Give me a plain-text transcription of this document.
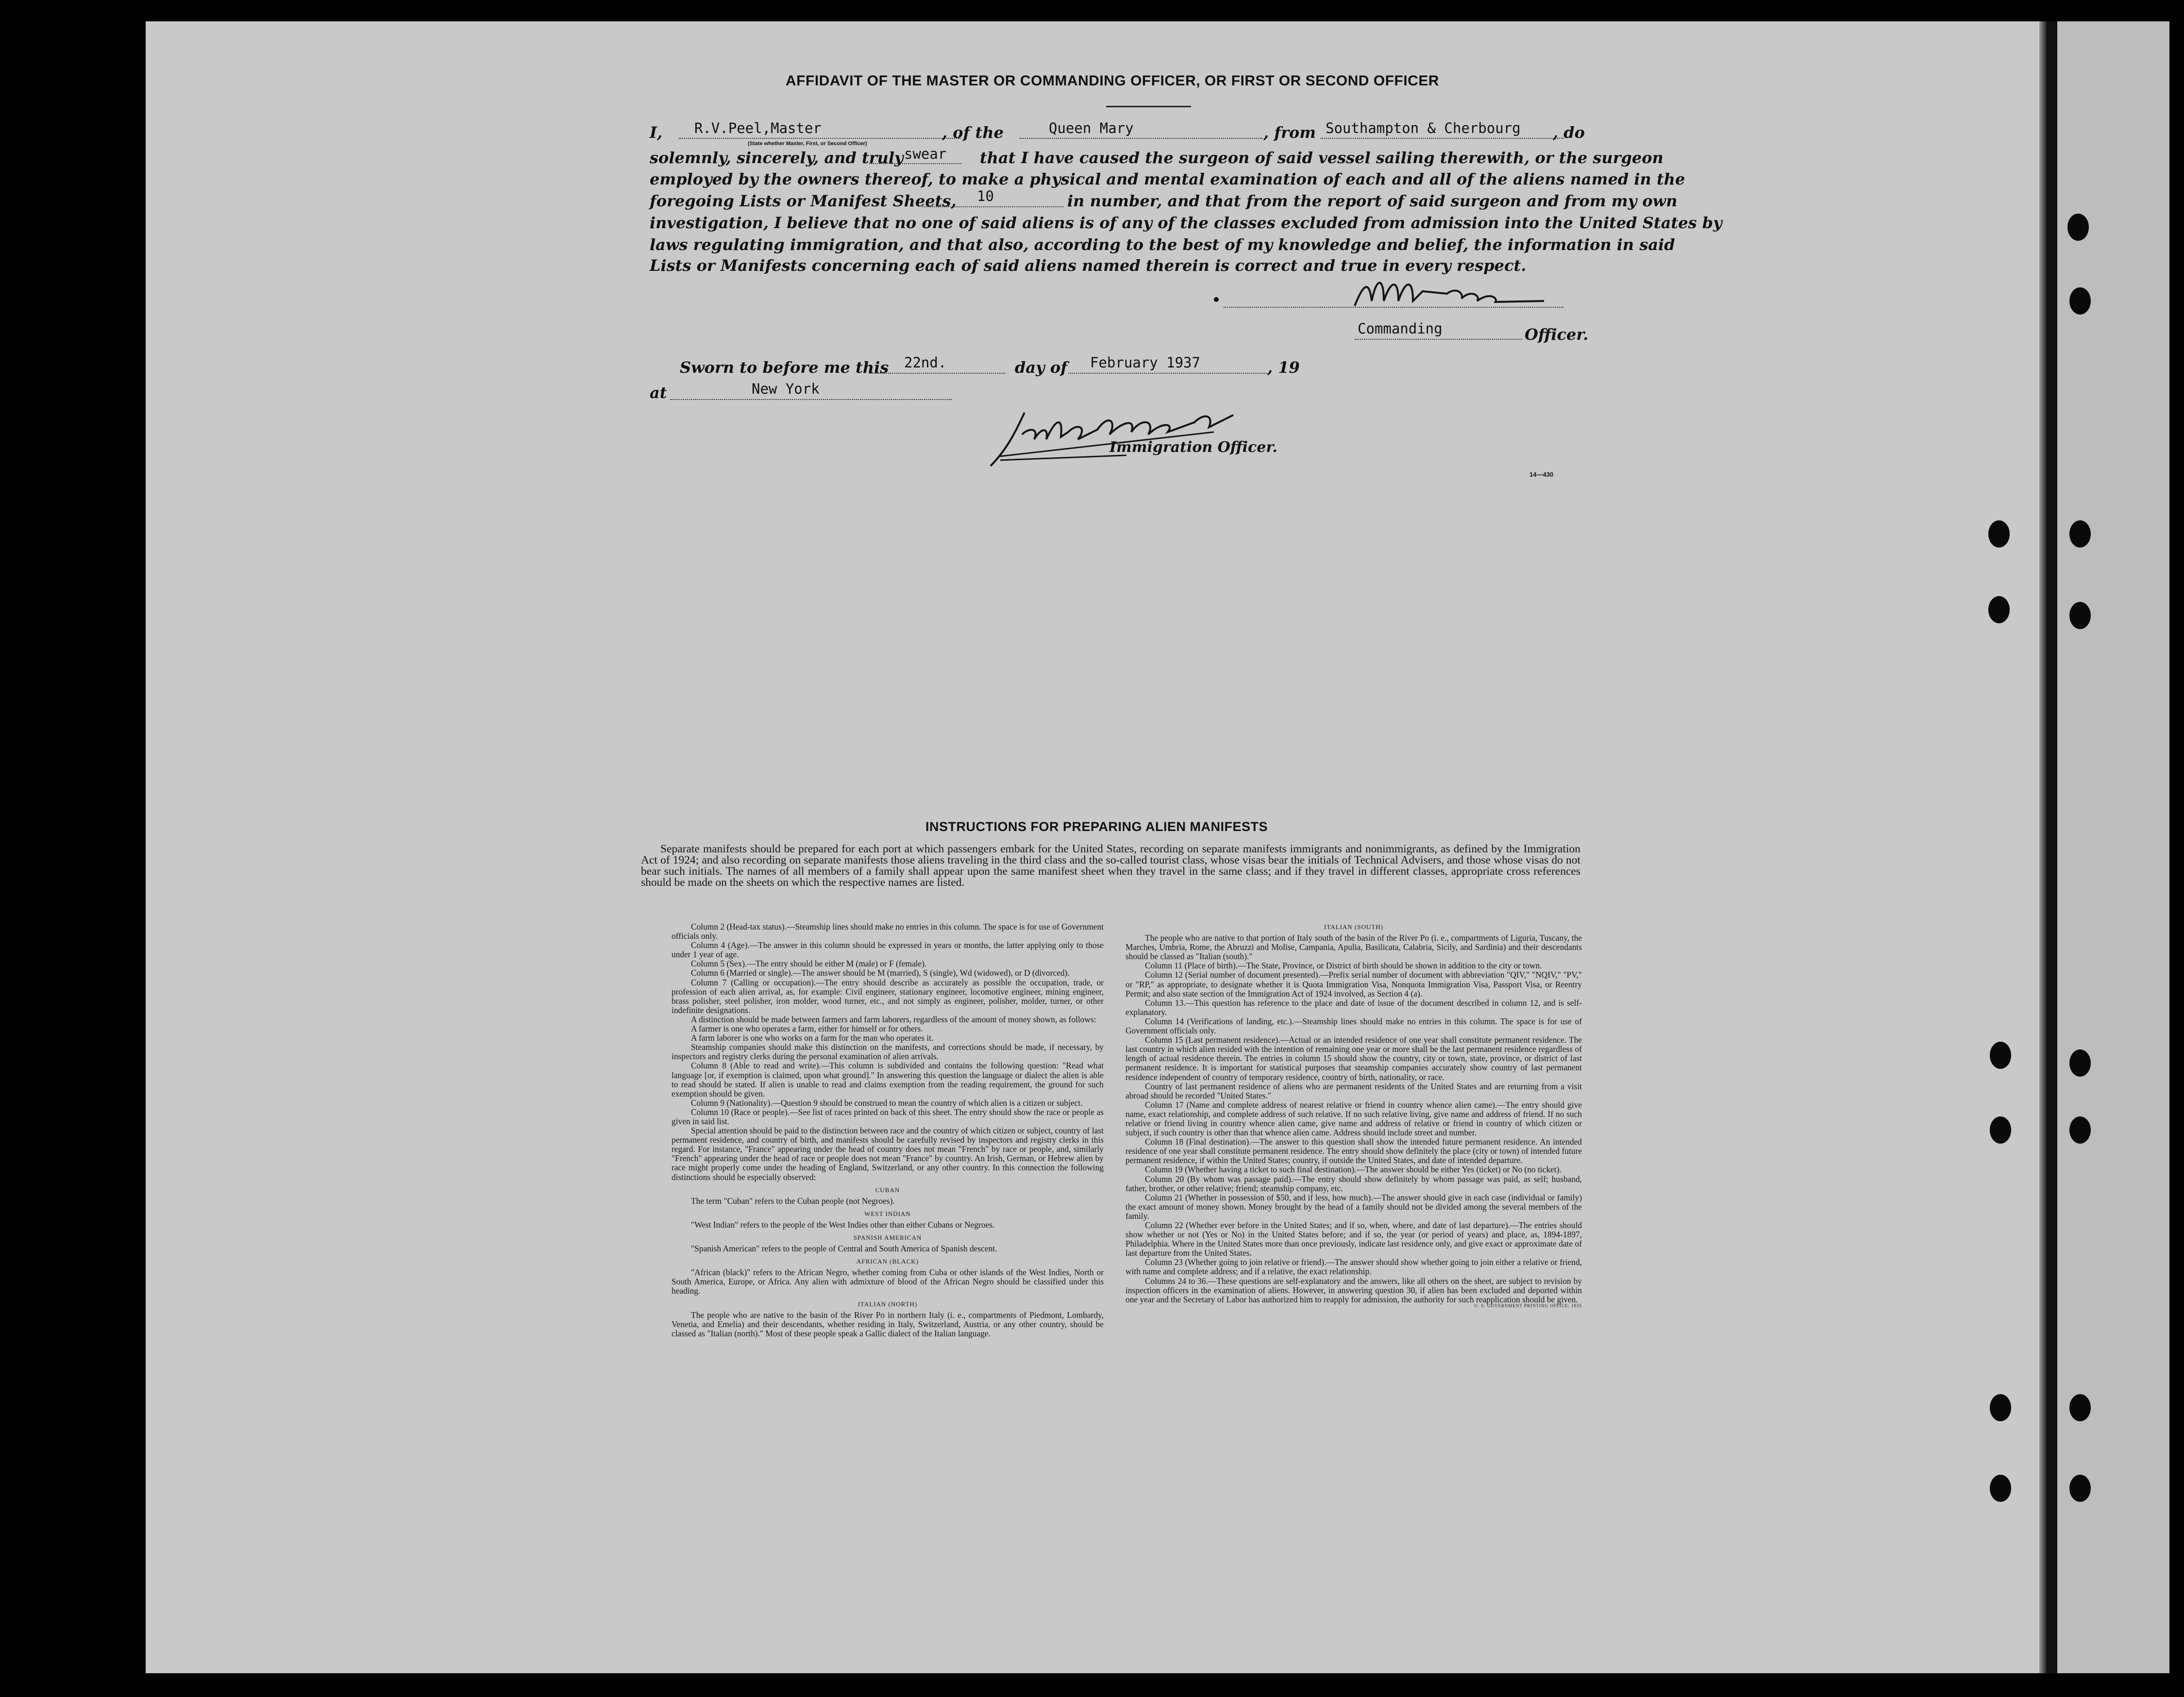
AFFIDAVIT OF THE MASTER OR COMMANDING OFFICER, OR FIRST OR SECOND OFFICER
I, R.V.Peel,Master
(State whether Master, First, or Second Officer)
, of the	Queen Mary	, from Southampton & Cherbourg , do
solemnly, sincerely, and truly swear that I have caused the surgeon of said vessel sailing therewith, or the surgeon
employed by the owners thereof, to make a physical and mental examination of each and all of the aliens named in the
foregoing Lists or Manifest Sheets, 10	in number, and that from the report of said surgeon and from my own
investigation, I believe that no one of said aliens is of any of the classes excluded from admission into the United States by
laws regulating immigration, and that also, according to the best of my knowledge and belief, the information in said
Lists or Manifests concerning each of said aliens named therein is correct and true in every respect.
Commanding	Officer.
Sworn to before me this 22nd.	day of February 1937	, 19
at	New York
Immigration Officer.
14—430
INSTRUCTIONS FOR PREPARING ALIEN MANIFESTS
Separate manifests should be prepared for each port at which passengers embark for the United States, recording on separate manifests immigrants and nonimmigrants, as defined by the Immigration Act of 1924; and also recording on separate manifests those aliens traveling in the third class and the so-called tourist class, whose visas bear the initials of Technical Advisers, and those whose visas do not bear such initials. The names of all members of a family shall appear upon the same manifest sheet when they travel in the same class; and if they travel in different classes, appropriate cross references should be made on the sheets on which the respective names are listed.

Column 2 (Head-tax status).—Steamship lines should make no entries in this column. The space is for use of Government officials only.

Column 4 (Age).—The answer in this column should be expressed in years or months, the latter applying only to those under 1 year of age.

Column 5 (Sex).—The entry should be either M (male) or F (female).

Column 6 (Married or single).—The answer should be M (married), S (single), Wd (widowed), or D (divorced).

Column 7 (Calling or occupation).—The entry should describe as accurately as possible the occupation, trade, or profession of each alien arrival, as, for example: Civil engineer, stationary engineer, locomotive engineer, mining engineer, brass polisher, steel polisher, iron molder, wood turner, etc., and not simply as engineer, polisher, molder, turner, or other indefinite designations.

A distinction should be made between farmers and farm laborers, regardless of the amount of money shown, as follows:

A farmer is one who operates a farm, either for himself or for others.

A farm laborer is one who works on a farm for the man who operates it.

Steamship companies should make this distinction on the manifests, and corrections should be made, if necessary, by inspectors and registry clerks during the personal examination of alien arrivals.

Column 8 (Able to read and write).—This column is subdivided and contains the following question: "Read what language [or, if exemption is claimed, upon what ground]." In answering this question the language or dialect the alien is able to read should be stated. If alien is unable to read and claims exemption from the reading requirement, the ground for such exemption should be given.

Column 9 (Nationality).—Question 9 should be construed to mean the country of which alien is a citizen or subject.

Column 10 (Race or people).—See list of races printed on back of this sheet. The entry should show the race or people as given in said list.

Special attention should be paid to the distinction between race and the country of which citizen or subject, country of last permanent residence, and country of birth, and manifests should be carefully revised by inspectors and registry clerks in this regard. For instance, "France" appearing under the head of country does not mean "French" by race or people, and, similarly "French" appearing under the head of race or people does not mean "France" by country. An Irish, German, or Hebrew alien by race might properly come under the heading of England, Switzerland, or any other country. In this connection the following distinctions should be especially observed:

CUBAN

The term "Cuban" refers to the Cuban people (not Negroes).

WEST INDIAN

"West Indian" refers to the people of the West Indies other than either Cubans or Negroes.

SPANISH AMERICAN

"Spanish American" refers to the people of Central and South America of Spanish descent.

AFRICAN (BLACK)

"African (black)" refers to the African Negro, whether coming from Cuba or other islands of the West Indies, North or South America, Europe, or Africa. Any alien with admixture of blood of the African Negro should be classified under this heading.

ITALIAN (NORTH)

The people who are native to the basin of the River Po in northern Italy (i. e., compartments of Piedmont, Lombardy, Venetia, and Emelia) and their descendants, whether residing in Italy, Switzerland, Austria, or any other country, should be classed as "Italian (north)." Most of these people speak a Gallic dialect of the Italian language.

ITALIAN (SOUTH)

The people who are native to that portion of Italy south of the basin of the River Po (i. e., compartments of Liguria, Tuscany, the Marches, Umbria, Rome, the Abruzzi and Molise, Campania, Apulia, Basilicata, Calabria, Sicily, and Sardinia) and their descendants should be classed as "Italian (south)."

Column 11 (Place of birth).—The State, Province, or District of birth should be shown in addition to the city or town.

Column 12 (Serial number of document presented).—Prefix serial number of document with abbreviation "QIV," "NQIV," "PV," or "RP," as appropriate, to designate whether it is Quota Immigration Visa, Nonquota Immigration Visa, Passport Visa, or Reentry Permit; and also state section of the Immigration Act of 1924 involved, as Section 4 (a).

Column 13.—This question has reference to the place and date of issue of the document described in column 12, and is self-explanatory.

Column 14 (Verifications of landing, etc.).—Steamship lines should make no entries in this column. The space is for use of Government officials only.

Column 15 (Last permanent residence).—Actual or an intended residence of one year shall constitute permanent residence. The last country in which alien resided with the intention of remaining one year or more shall be the last permanent residence regardless of length of actual residence therein. The entries in column 15 should show the country, city or town, state, province, or district of last permanent residence. It is important for statistical purposes that steamship companies accurately show country of last permanent residence independent of country of temporary residence, country of birth, nationality, or race.

Country of last permanent residence of aliens who are permanent residents of the United States and are returning from a visit abroad should be recorded "United States."

Column 17 (Name and complete address of nearest relative or friend in country whence alien came).—The entry should give name, exact relationship, and complete address of such relative. If no such relative living, give name and address of friend. If no such relative or friend living in country whence alien came, give name and address of relative or friend in country of which citizen or subject, if such country is other than that whence alien came. Address should include street and number.

Column 18 (Final destination).—The answer to this question shall show the intended future permanent residence. An intended residence of one year shall constitute permanent residence. The entry should show definitely the place (city or town) of intended future permanent residence, if within the United States; country, if outside the United States, and date of intended departure.

Column 19 (Whether having a ticket to such final destination).—The answer should be either Yes (ticket) or No (no ticket).

Column 20 (By whom was passage paid).—The entry should show definitely by whom passage was paid, as self; husband, father, brother, or other relative; friend; steamship company, etc.

Column 21 (Whether in possession of $50, and if less, how much).—The answer should give in each case (individual or family) the exact amount of money shown. Money brought by the head of a family should not be divided among the several members of the family.

Column 22 (Whether ever before in the United States; and if so, when, where, and date of last departure).—The entries should show whether or not (Yes or No) in the United States before; and if so, the year (or period of years) and place, as, 1894-1897, Philadelphia. Where in the United States more than once previously, indicate last residence only, and give exact or approximate date of last departure from the United States.

Column 23 (Whether going to join relative or friend).—The answer should show whether going to join either a relative or friend, with name and complete address; and if a relative, the exact relationship.

Columns 24 to 36.—These questions are self-explanatory and the answers, like all others on the sheet, are subject to revision by inspection officers in the examination of aliens. However, in answering question 30, if alien has been excluded and deported within one year and the Secretary of Labor has authorized him to reapply for admission, the authority for such reapplication should be given.

U. S. GOVERNMENT PRINTING OFFICE: 1935
